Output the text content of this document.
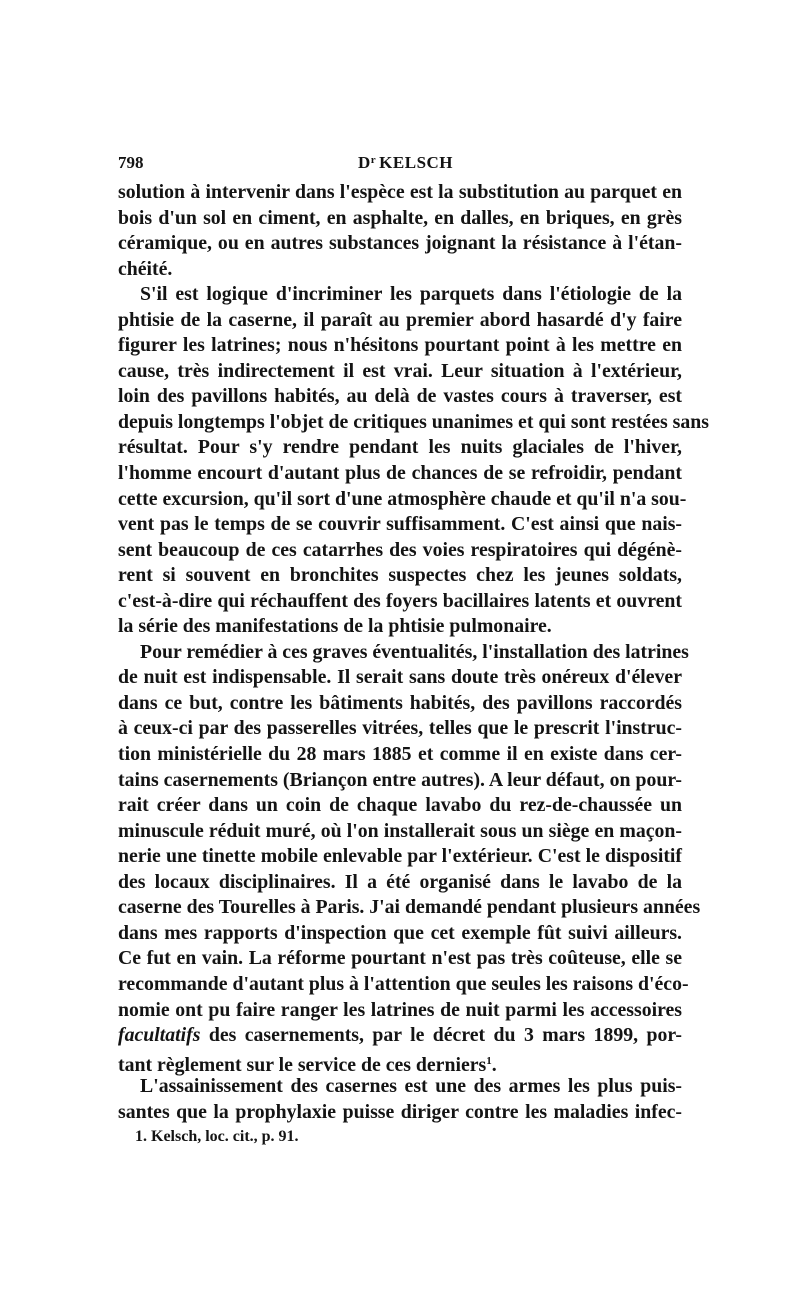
798	$D^r$ KELSCH
solution à intervenir dans l'espèce est la substitution au parquet en
bois d'un sol en ciment, en asphalte, en dalles, en briques, en grès
céramique, ou en autres substances joignant la résistance à l'étan-
chéité.
S'il est logique d'incriminer les parquets dans l'étiologie de la
phtisie de la caserne, il paraît au premier abord hasardé d'y faire
figurer les latrines; nous n'hésitons pourtant point à les mettre en
cause, très indirectement il est vrai. Leur situation à l'extérieur,
loin des pavillons habités, au delà de vastes cours à traverser, est
depuis longtemps l'objet de critiques unanimes et qui sont restées sans
résultat. Pour s'y rendre pendant les nuits glaciales de l'hiver,
l'homme encourt d'autant plus de chances de se refroidir, pendant
cette excursion, qu'il sort d'une atmosphère chaude et qu'il n'a sou-
vent pas le temps de se couvrir suffisamment. C'est ainsi que nais-
sent beaucoup de ces catarrhes des voies respiratoires qui dégénè-
rent si souvent en bronchites suspectes chez les jeunes soldats,
c'est-à-dire qui réchauffent des foyers bacillaires latents et ouvrent
la série des manifestations de la phtisie pulmonaire.
Pour remédier à ces graves éventualités, l'installation des latrines
de nuit est indispensable. Il serait sans doute très onéreux d'élever
dans ce but, contre les bâtiments habités, des pavillons raccordés
à ceux-ci par des passerelles vitrées, telles que le prescrit l'instruc-
tion ministérielle du 28 mars 1885 et comme il en existe dans cer-
tains casernements (Briançon entre autres). A leur défaut, on pour-
rait créer dans un coin de chaque lavabo du rez-de-chaussée un
minuscule réduit muré, où l'on installerait sous un siège en maçon-
nerie une tinette mobile enlevable par l'extérieur. C'est le dispositif
des locaux disciplinaires. Il a été organisé dans le lavabo de la
caserne des Tourelles à Paris. J'ai demandé pendant plusieurs années
dans mes rapports d'inspection que cet exemple fût suivi ailleurs.
Ce fut en vain. La réforme pourtant n'est pas très coûteuse, elle se
recommande d'autant plus à l'attention que seules les raisons d'éco-
nomie ont pu faire ranger les latrines de nuit parmi les accessoires
facultatifs des casernements, par le décret du 3 mars 1899, por-
tant règlement sur le service de ces derniers$^1$.
L'assainissement des casernes est une des armes les plus puis-
santes que la prophylaxie puisse diriger contre les maladies infec-
1. Kelsch, loc. cit., p. 91.
